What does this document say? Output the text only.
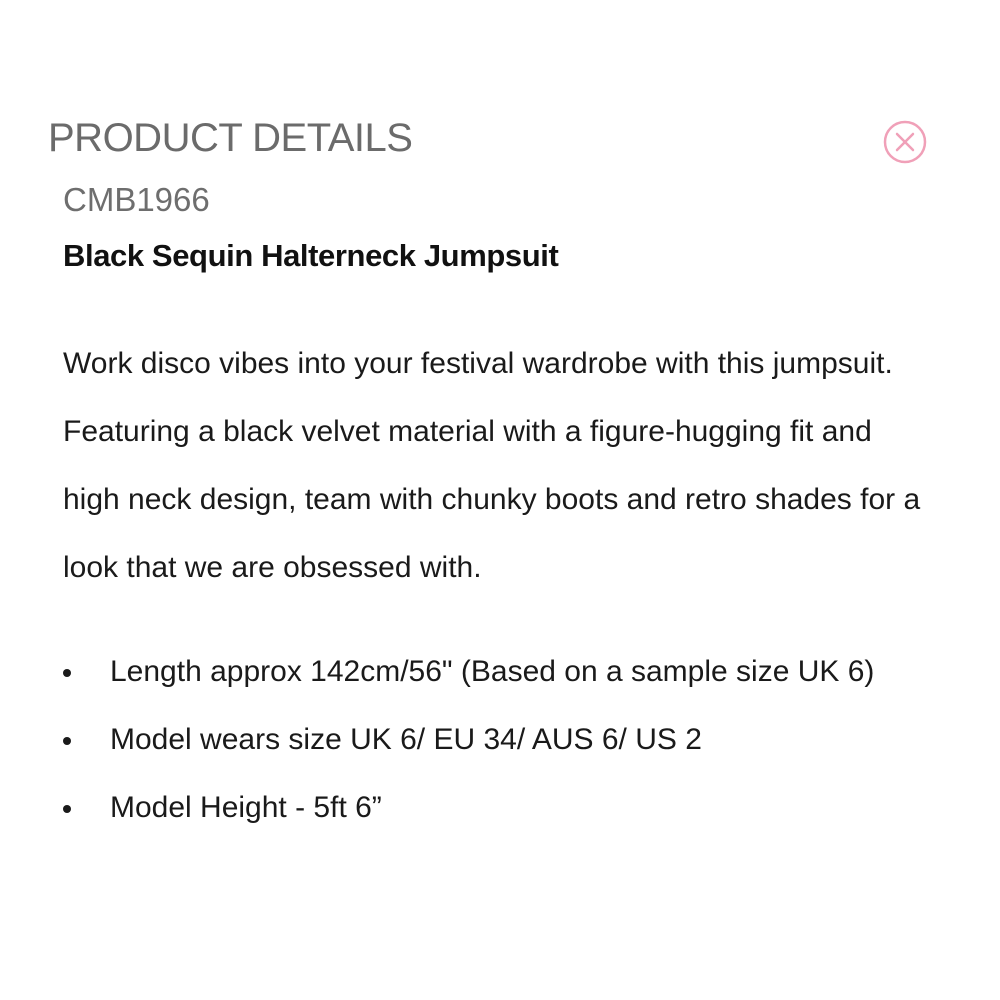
PRODUCT DETAILS
CMB1966
Black Sequin Halterneck Jumpsuit

Work disco vibes into your festival wardrobe with this jumpsuit. Featuring a black velvet material with a figure-hugging fit and high neck design, team with chunky boots and retro shades for a look that we are obsessed with.

Length approx 142cm/56" (Based on a sample size UK 6)
Model wears size UK 6/ EU 34/ AUS 6/ US 2
Model Height - 5ft 6”
